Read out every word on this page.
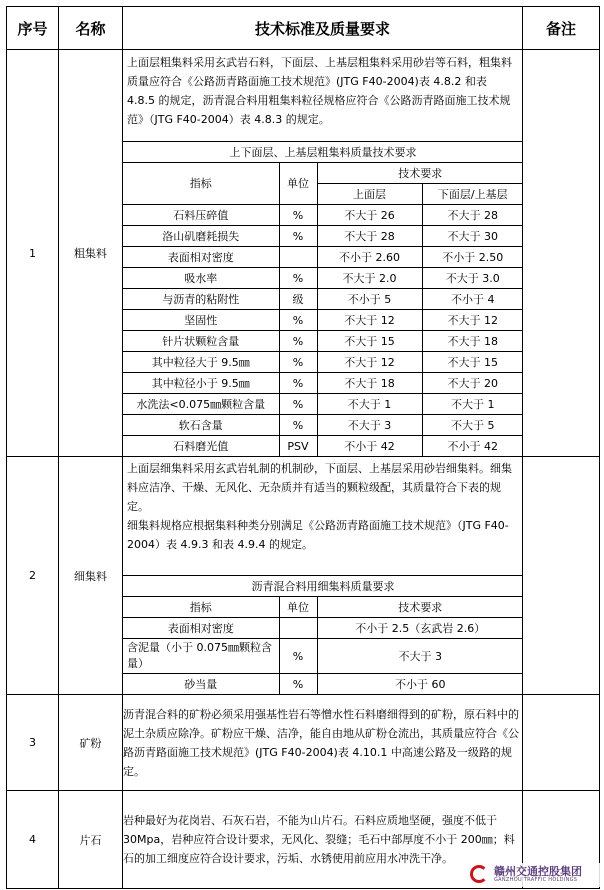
序号	名称	技术标准及质量要求	备注
1	粗集料	
上面层粗集料采用玄武岩石料，下面层、上基层粗集料采用砂岩等石料，粗集料质量应符合《公路沥青路面施工技术规范》(JTG F40-2004)表 4.8.2 和表 4.8.5 的规定，沥青混合料用粗集料粒径规格应符合《公路沥青路面施工技术规范》（JTG F40-2004）表 4.8.3 的规定。
上下面层、上基层粗集料质量技术要求
指标	单位	技术要求
上面层	下面层/上基层
石料压碎值	%	不大于 26	不大于 28
洛山矶磨耗损失	%	不大于 28	不大于 30
表面相对密度		不小于 2.60	不小于 2.50
吸水率	%	不大于 2.0	不大于 3.0
与沥青的粘附性	级	不小于 5	不小于 4
坚固性	%	不大于 12	不大于 12
针片状颗粒含量	%	不大于 15	不大于 18
其中粒径大于 9.5㎜	%	不大于 12	不大于 15
其中粒径小于 9.5㎜	%	不大于 18	不大于 20
水洗法<0.075㎜颗粒含量	%	不大于 1	不大于 1
软石含量	%	不大于 3	不大于 5
石料磨光值	PSV	不小于 42	不小于 42

2	细集料	
上面层细集料采用玄武岩轧制的机制砂，下面层、上基层采用砂岩细集料。细集料应洁净、干燥、无风化、无杂质并有适当的颗粒级配，其质量符合下表的规定。
细集料规格应根据集料种类分别满足《公路沥青路面施工技术规范》（JTG F40-2004）表 4.9.3 和表 4.9.4 的规定。
沥青混合料用细集料质量要求
指标	单位	技术要求
表面相对密度		不小于 2.5（玄武岩 2.6）
含泥量（小于 0.075㎜颗粒含量）	%	不大于 3
砂当量	%	不小于 60

3	矿粉	沥青混合料的矿粉必须采用强基性岩石等憎水性石料磨细得到的矿粉，原石料中的泥土杂质应除净。矿粉应干燥、洁净，能自由地从矿粉仓流出，其质量应符合《公路沥青路面施工技术规范》(JTG F40-2004)表 4.10.1 中高速公路及一级路的规定。	
4	片石	岩种最好为花岗岩、石灰石岩，不能为山片石。石料应质地坚硬，强度不低于 30Mpa，岩种应符合设计要求，无风化、裂缝；毛石中部厚度不小于 200㎜；料石的加工细度应符合设计要求，污垢、水锈使用前应用水冲洗干净。	
赣州交通控股集团
GANZHOU TRAFFIC HOLDINGS
